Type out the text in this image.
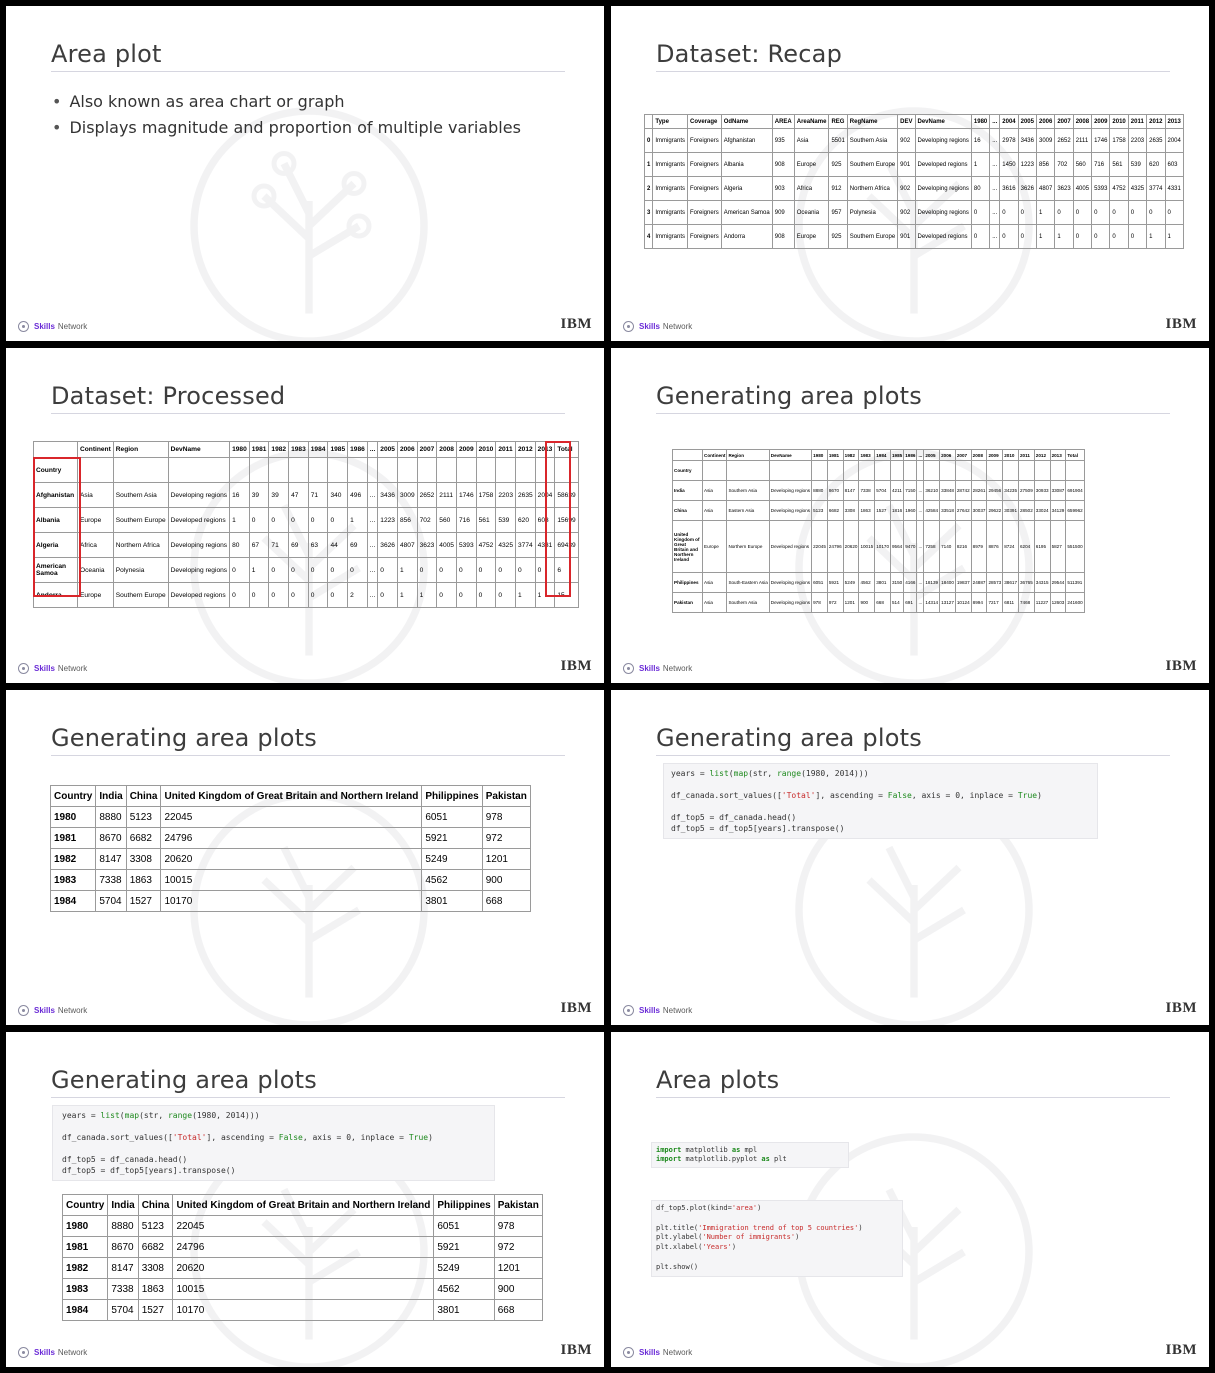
Area plot
• Also known as area chart or graph
• Displays magnitude and proportion of multiple variables
Skills Network	IBM
Dataset: Recap
	Type	Coverage	OdName	AREA	AreaName	REG	RegName	DEV	DevName	1980	...	2004	2005	2006	2007	2008	2009	2010	2011	2012	2013
0	Immigrants	Foreigners	Afghanistan	935	Asia	5501	Southern Asia	902	Developing regions	16	...	2978	3436	3009	2652	2111	1746	1758	2203	2635	2004
1	Immigrants	Foreigners	Albania	908	Europe	925	Southern Europe	901	Developed regions	1	...	1450	1223	856	702	560	716	561	539	620	603
2	Immigrants	Foreigners	Algeria	903	Africa	912	Northern Africa	902	Developing regions	80	...	3616	3626	4807	3623	4005	5393	4752	4325	3774	4331
3	Immigrants	Foreigners	American Samoa	909	Oceania	957	Polynesia	902	Developing regions	0	...	0	0	1	0	0	0	0	0	0	0
4	Immigrants	Foreigners	Andorra	908	Europe	925	Southern Europe	901	Developed regions	0	...	0	0	1	1	0	0	0	0	1	1
Skills Network	IBM
Dataset: Processed
	Continent	Region	DevName	1980	1981	1982	1983	1984	1985	1986	...	2005	2006	2007	2008	2009	2010	2011	2012	2013	Total
Country																					
Afghanistan	Asia	Southern Asia	Developing regions	16	39	39	47	71	340	496	...	3436	3009	2652	2111	1746	1758	2203	2635	2004	58639
Albania	Europe	Southern Europe	Developed regions	1	0	0	0	0	0	1	...	1223	856	702	560	716	561	539	620	603	15699
Algeria	Africa	Northern Africa	Developing regions	80	67	71	69	63	44	69	...	3626	4807	3623	4005	5393	4752	4325	3774	4331	69439
American Samoa	Oceania	Polynesia	Developing regions	0	1	0	0	0	0	0	...	0	1	0	0	0	0	0	0	0	6
Andorra	Europe	Southern Europe	Developed regions	0	0	0	0	0	0	2	...	0	1	1	0	0	0	0	1	1	15
Skills Network	IBM
Generating area plots
	Continent	Region	DevName	1980	1981	1982	1983	1984	1985	1986	...	2005	2006	2007	2008	2009	2010	2011	2012	2013	Total
Country																					
India	Asia	Southern Asia	Developing regions	8880	8670	8147	7338	5704	4211	7150	...	36210	33848	28742	28261	29456	34235	27509	30933	33087	691904
China	Asia	Eastern Asia	Developing regions	5123	6682	3308	1863	1527	1816	1960	...	42584	33518	27642	30037	29622	30391	28502	33024	34129	659962
United Kingdom of Great Britain and Northern Ireland	Europe	Northern Europe	Developed regions	22045	24796	20620	10015	10170	9564	9470	...	7258	7140	8216	8979	8876	8724	6204	6195	5827	551500
Philippines	Asia	South-Eastern Asia	Developing regions	6051	5921	5249	4562	3801	3150	4166	...	18139	18400	19837	24887	28573	38617	36765	34315	29544	511391
Pakistan	Asia	Southern Asia	Developing regions	978	972	1201	900	668	514	691	...	14314	13127	10124	8994	7217	6811	7468	11227	12603	241600
Skills Network	IBM
Generating area plots
Country	India	China	United Kingdom of Great Britain and Northern Ireland	Philippines	Pakistan
1980	8880	5123	22045	6051	978
1981	8670	6682	24796	5921	972
1982	8147	3308	20620	5249	1201
1983	7338	1863	10015	4562	900
1984	5704	1527	10170	3801	668
Skills Network	IBM
Generating area plots
years = list(map(str, range(1980, 2014)))

df_canada.sort_values(['Total'], ascending = False, axis = 0, inplace = True)

df_top5 = df_canada.head()
df_top5 = df_top5[years].transpose()
Skills Network	IBM
Generating area plots
years = list(map(str, range(1980, 2014)))

df_canada.sort_values(['Total'], ascending = False, axis = 0, inplace = True)

df_top5 = df_canada.head()
df_top5 = df_top5[years].transpose()
Country	India	China	United Kingdom of Great Britain and Northern Ireland	Philippines	Pakistan
1980	8880	5123	22045	6051	978
1981	8670	6682	24796	5921	972
1982	8147	3308	20620	5249	1201
1983	7338	1863	10015	4562	900
1984	5704	1527	10170	3801	668
Skills Network	IBM
Area plots
import matplotlib as mpl
import matplotlib.pyplot as plt
df_top5.plot(kind='area')

plt.title('Immigration trend of top 5 countries')
plt.ylabel('Number of immigrants')
plt.xlabel('Years')

plt.show()
Skills Network	IBM
